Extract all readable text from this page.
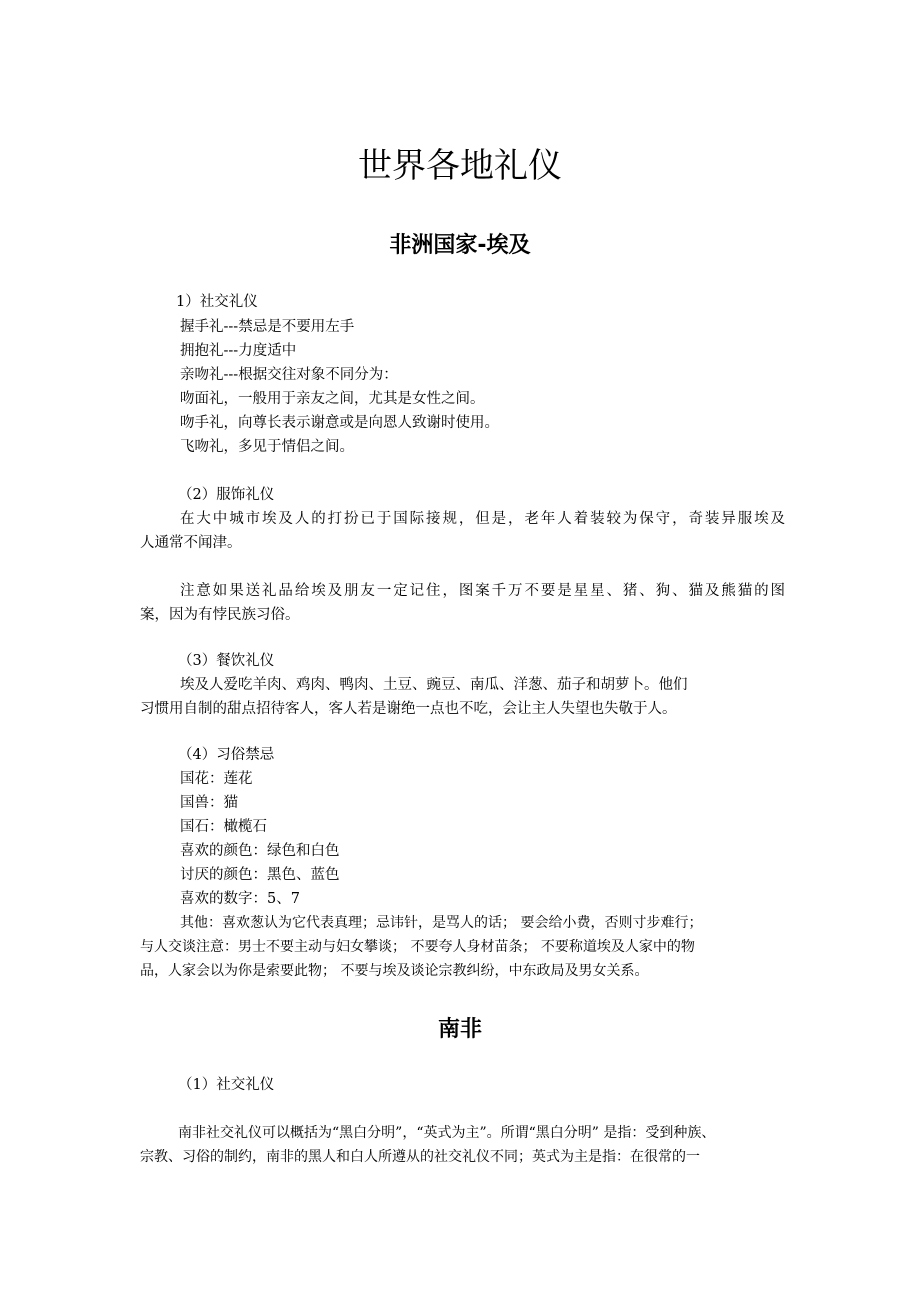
世界各地礼仪
非洲国家-埃及
1）社交礼仪
握手礼---禁忌是不要用左手
拥抱礼---力度适中
亲吻礼---根据交往对象不同分为：
吻面礼，一般用于亲友之间，尤其是女性之间。
吻手礼，向尊长表示谢意或是向恩人致谢时使用。
飞吻礼，多见于情侣之间。
（2）服饰礼仪
在大中城市埃及人的打扮已于国际接规，但是，老年人着装较为保守，奇装异服埃及
人通常不闻津。
注意如果送礼品给埃及朋友一定记住，图案千万不要是星星、猪、狗、猫及熊猫的图
案，因为有悖民族习俗。
（3）餐饮礼仪
埃及人爱吃羊肉、鸡肉、鸭肉、土豆、豌豆、南瓜、洋葱、茄子和胡萝卜。他们
习惯用自制的甜点招待客人，客人若是谢绝一点也不吃，会让主人失望也失敬于人。
（4）习俗禁忌
国花：莲花
国兽：猫
国石：橄榄石
喜欢的颜色：绿色和白色
讨厌的颜色：黑色、蓝色
喜欢的数字：5、7
其他：喜欢葱认为它代表真理；忌讳针，是骂人的话； 要会给小费，否则寸步难行；
与人交谈注意：男士不要主动与妇女攀谈； 不要夸人身材苗条； 不要称道埃及人家中的物
品，人家会以为你是索要此物； 不要与埃及谈论宗教纠纷，中东政局及男女关系。
南非
（1）社交礼仪
南非社交礼仪可以概括为“黑白分明”，“英式为主”。所谓“黑白分明” 是指：受到种族、
宗教、习俗的制约，南非的黑人和白人所遵从的社交礼仪不同；英式为主是指：在很常的一
